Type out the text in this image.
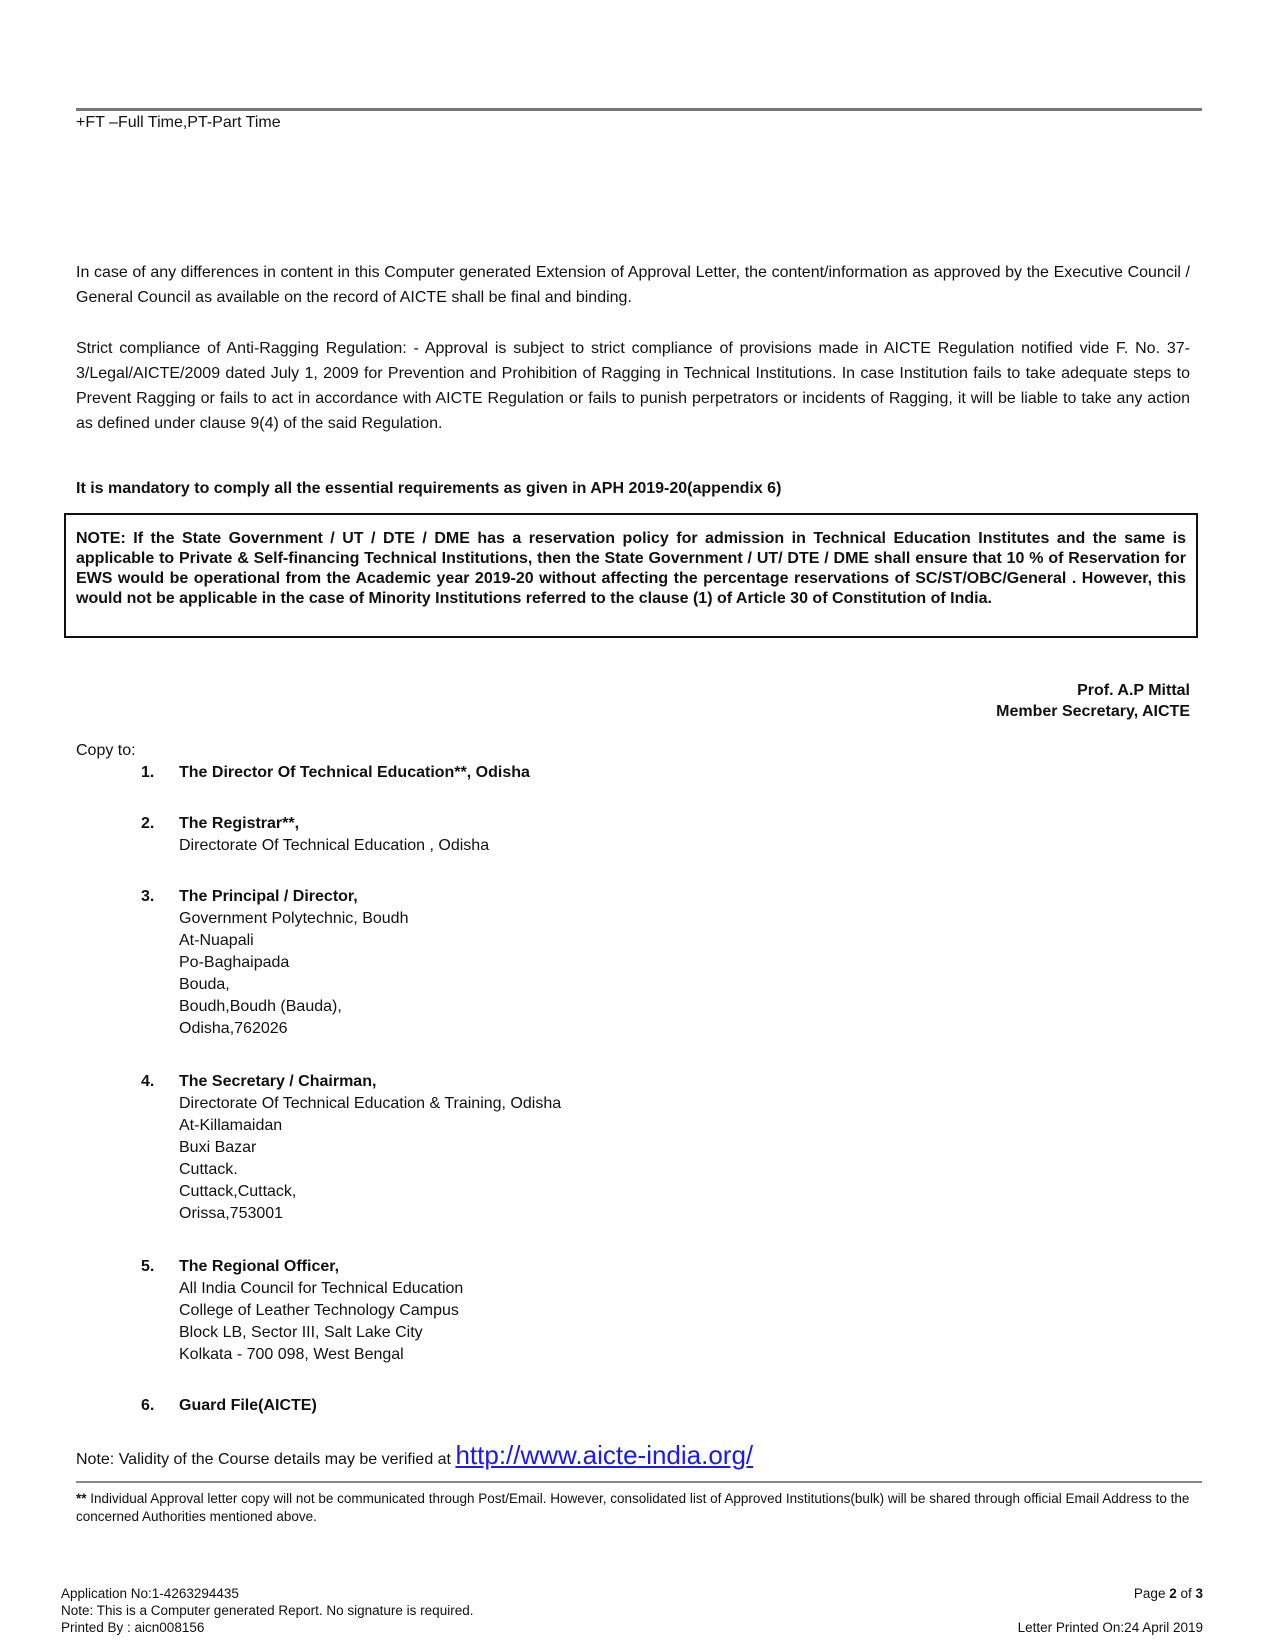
+FT –Full Time,PT-Part Time
In case of any differences in content in this Computer generated Extension of Approval Letter, the content/information as approved by the Executive Council / General Council as available on the record of AICTE shall be final and binding.
Strict compliance of Anti-Ragging Regulation: - Approval is subject to strict compliance of provisions made in AICTE Regulation notified vide F. No. 37-3/Legal/AICTE/2009 dated July 1, 2009 for Prevention and Prohibition of Ragging in Technical Institutions. In case Institution fails to take adequate steps to Prevent Ragging or fails to act in accordance with AICTE Regulation or fails to punish perpetrators or incidents of Ragging, it will be liable to take any action as defined under clause 9(4) of the said Regulation.
It is mandatory to comply all the essential requirements as given in APH 2019-20(appendix 6)
NOTE: If the State Government / UT / DTE / DME has a reservation policy for admission in Technical Education Institutes and the same is applicable to Private & Self-financing Technical Institutions, then the State Government / UT/ DTE / DME shall ensure that 10 % of Reservation for EWS would be operational from the Academic year 2019-20 without affecting the percentage reservations of SC/ST/OBC/General . However, this would not be applicable in the case of Minority Institutions referred to the clause (1) of Article 30 of Constitution of India.
Prof. A.P Mittal
Member Secretary, AICTE
Copy to:
1. The Director Of Technical Education**, Odisha
2. The Registrar**,
Directorate Of Technical Education , Odisha
3. The Principal / Director,
Government Polytechnic, Boudh
At-Nuapali
Po-Baghaipada
Bouda,
Boudh,Boudh (Bauda),
Odisha,762026
4. The Secretary / Chairman,
Directorate Of Technical Education & Training, Odisha
At-Killamaidan
Buxi Bazar
Cuttack.
Cuttack,Cuttack,
Orissa,753001
5. The Regional Officer,
All India Council for Technical Education
College of Leather Technology Campus
Block LB, Sector III, Salt Lake City
Kolkata - 700 098, West Bengal
6. Guard File(AICTE)
Note: Validity of the Course details may be verified at http://www.aicte-india.org/
** Individual Approval letter copy will not be communicated through Post/Email. However, consolidated list of Approved Institutions(bulk) will be shared through official Email Address to the concerned Authorities mentioned above.
Application No:1-4263294435
Note: This is a Computer generated Report. No signature is required.
Printed By : aicn008156
Page 2 of 3

Letter Printed On:24 April 2019
